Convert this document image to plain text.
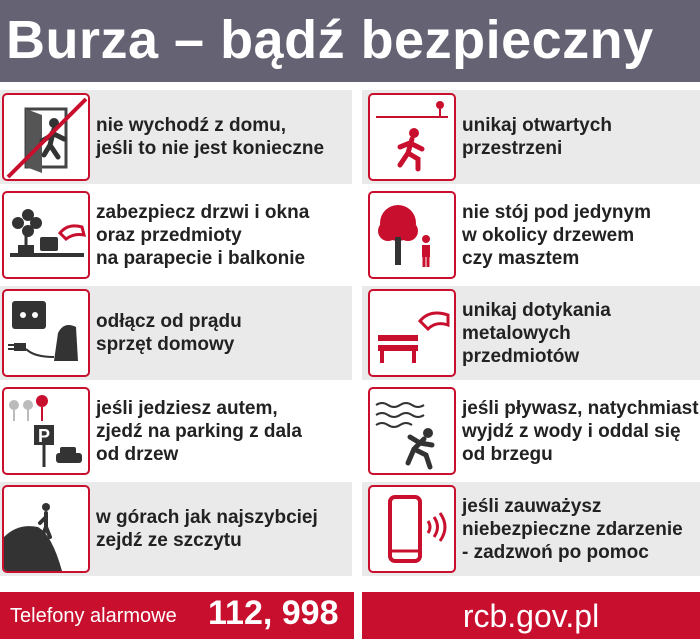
Burza – bądź bezpieczny
nie wychodź z domu,
jeśli to nie jest konieczne
unikaj otwartych
przestrzeni
zabezpiecz drzwi i okna
oraz przedmioty
na parapecie i balkonie
nie stój pod jedynym
w okolicy drzewem
czy masztem
odłącz od prądu
sprzęt domowy
unikaj dotykania
metalowych
przedmiotów
P
jeśli jedziesz autem,
zjedź na parking z dala
od drzew
jeśli pływasz, natychmiast
wyjdź z wody i oddal się
od brzegu
w górach jak najszybciej
zejdź ze szczytu
jeśli zauważysz
niebezpieczne zdarzenie
- zadzwoń po pomoc
Telefony alarmowe 112, 998	rcb.gov.pl
